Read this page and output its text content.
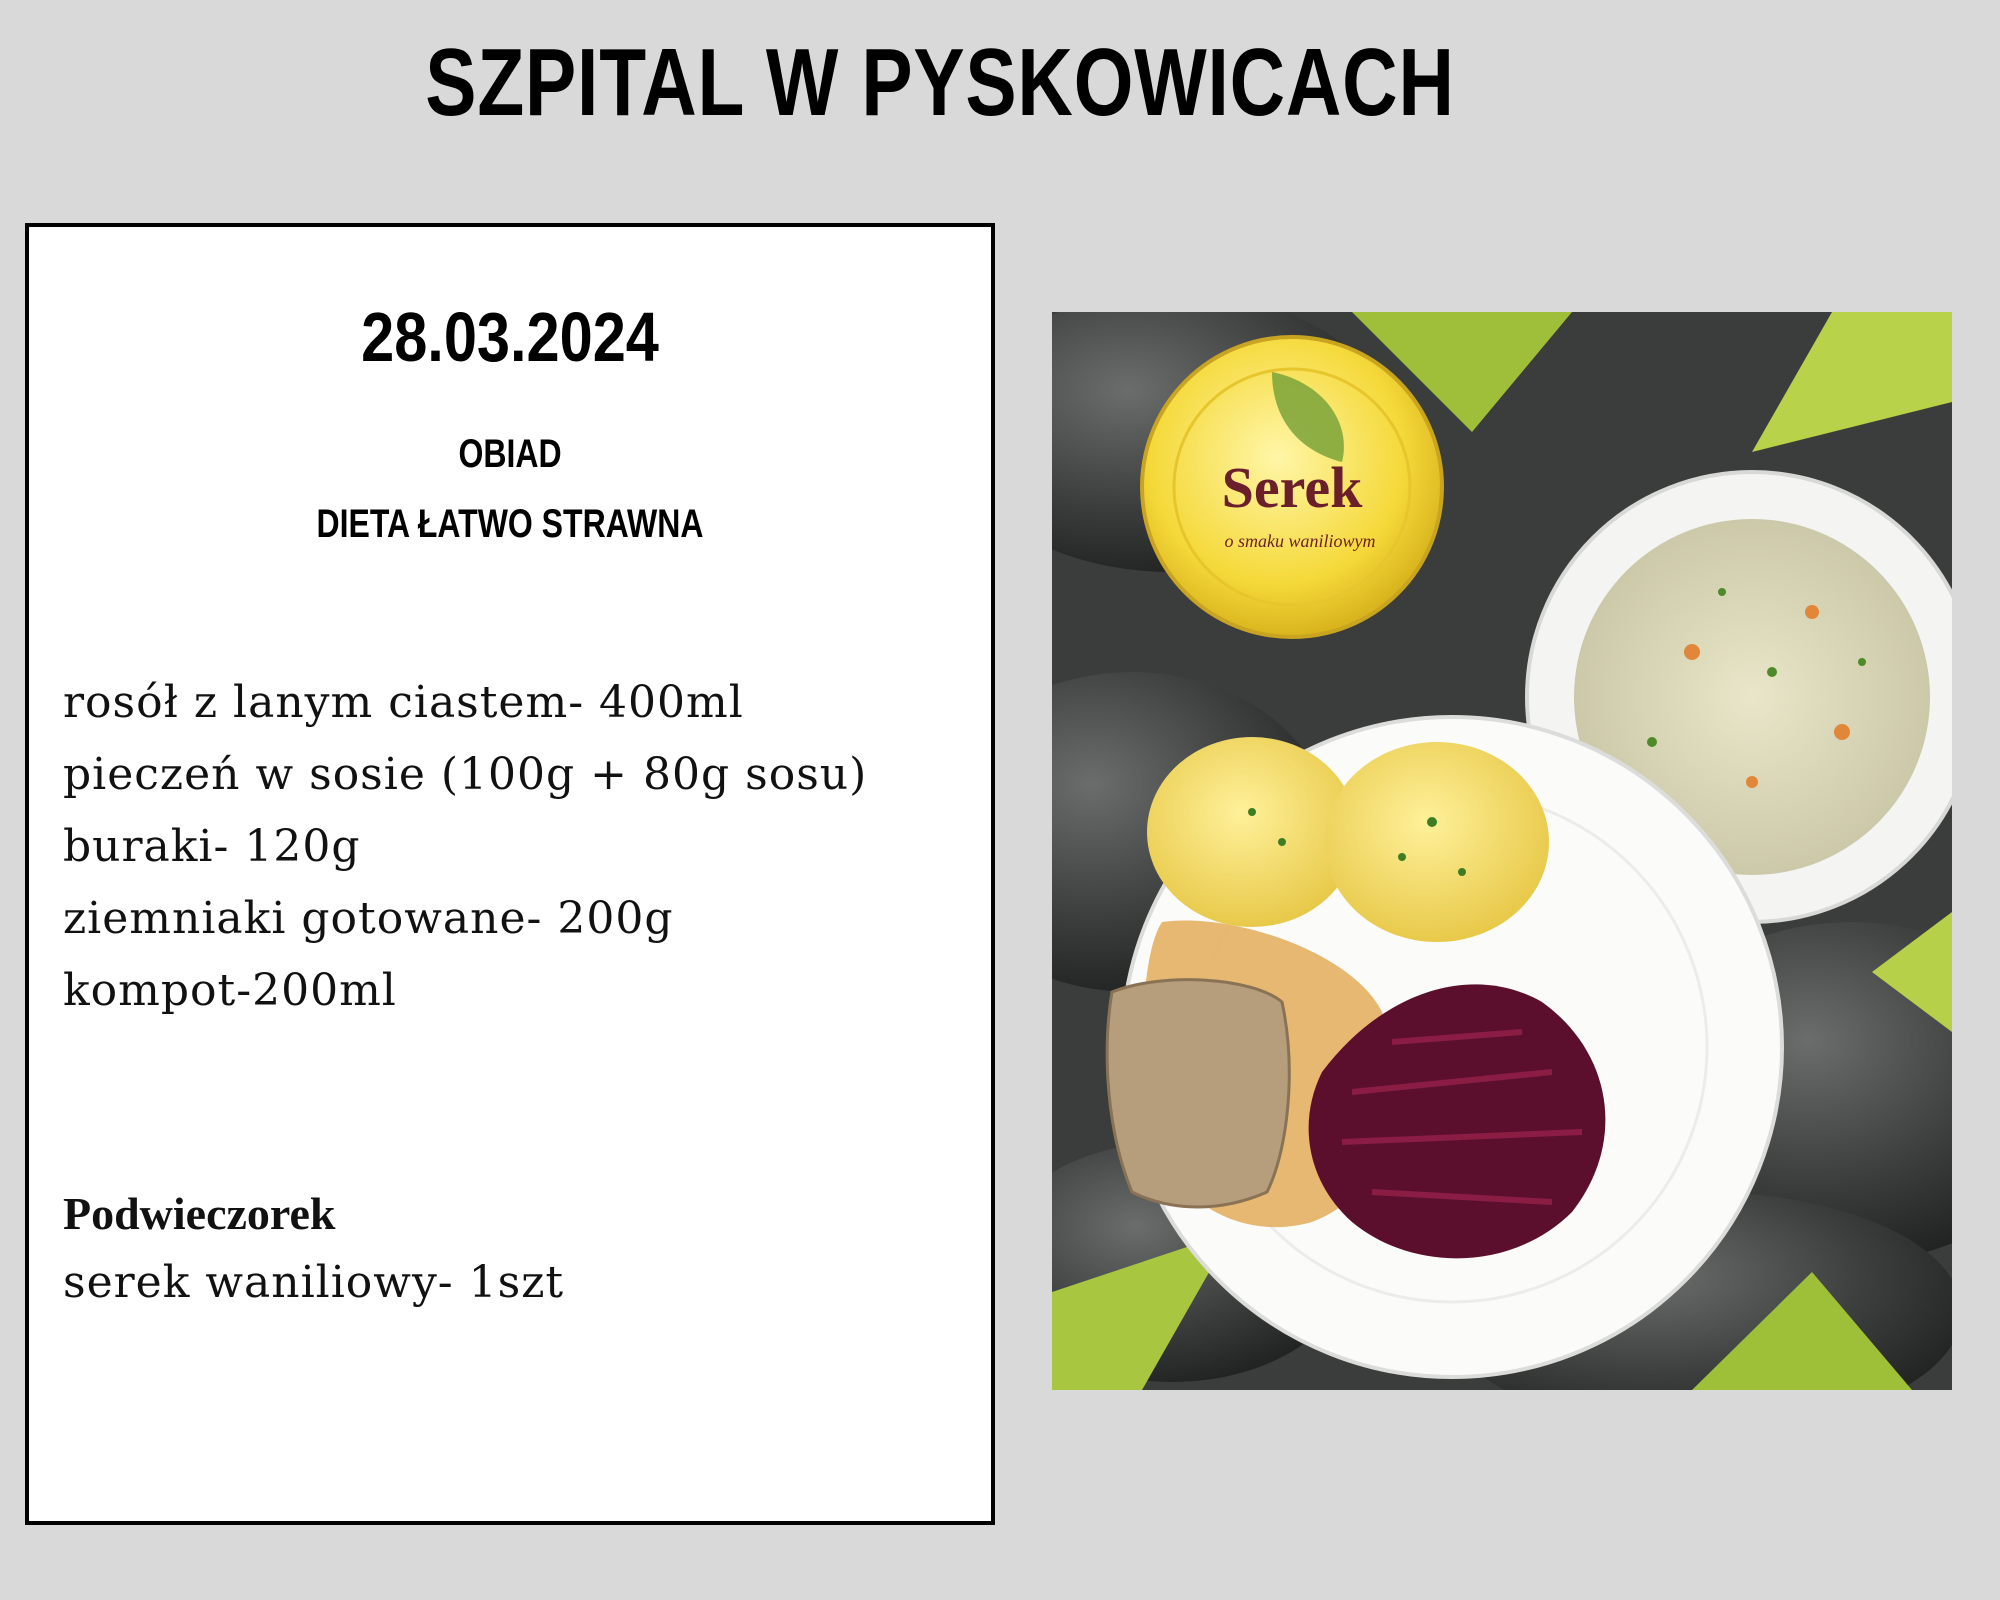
SZPITAL W PYSKOWICACH
28.03.2024
OBIAD
DIETA ŁATWO STRAWNA
rosół z lanym ciastem- 400ml
pieczeń w sosie (100g + 80g sosu)
buraki- 120g
ziemniaki gotowane- 200g
kompot-200ml
Podwieczorek
serek waniliowy- 1szt
Serek
o smaku waniliowym
